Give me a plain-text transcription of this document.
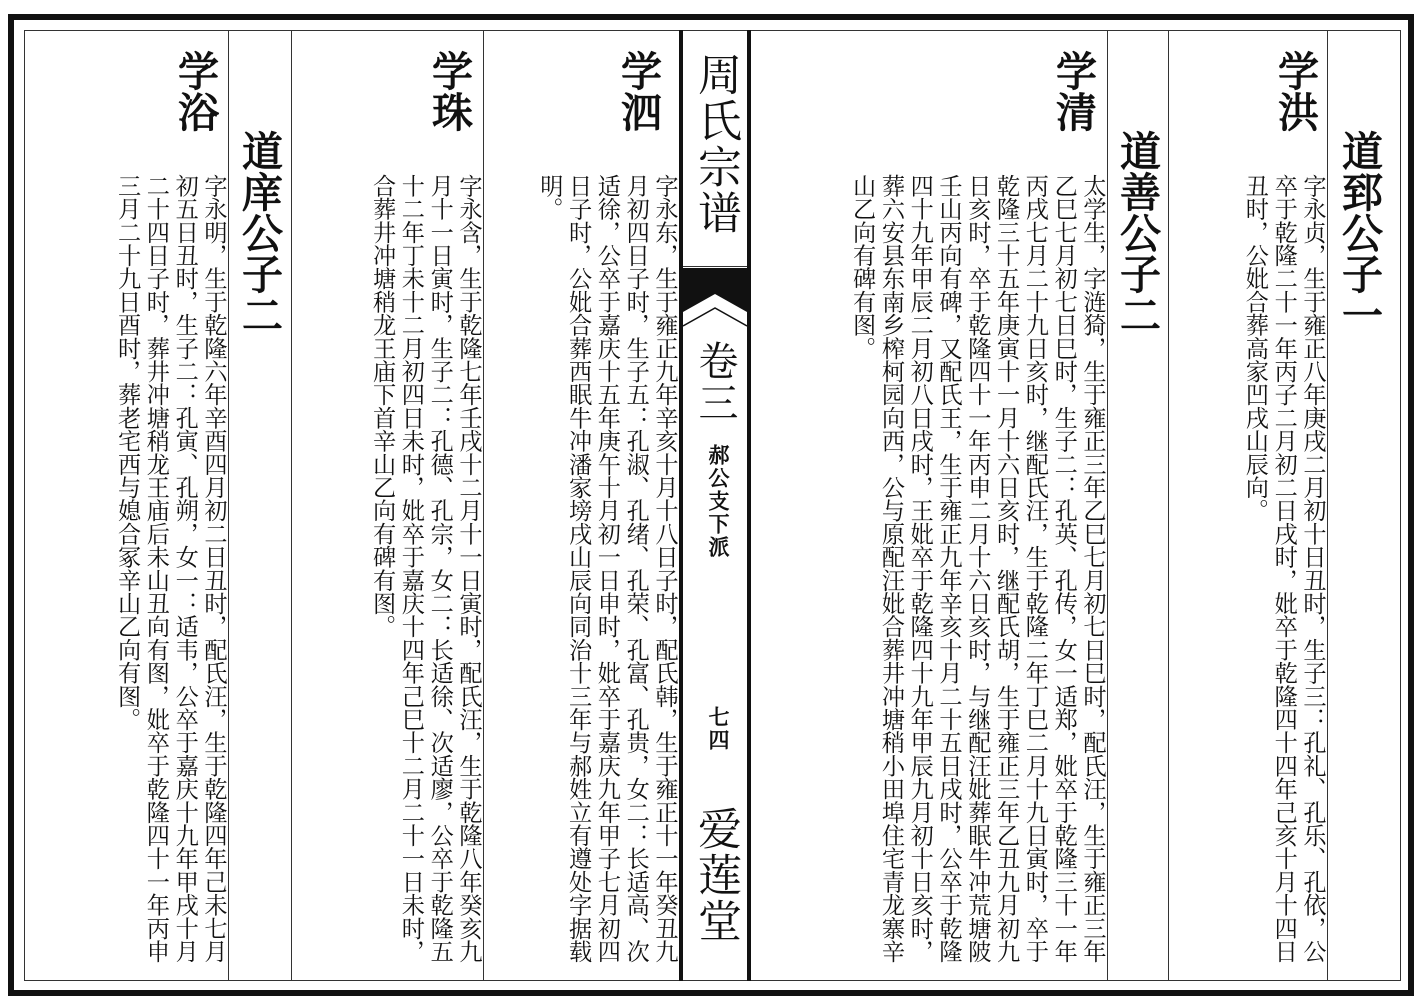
周氏宗谱
卷三
郝公支下派
七四
爱莲堂
道郅公子一
学洪
字永贞，生于雍正八年庚戌二月初十日丑时，生子三：孔礼、孔乐、孔依，公卒于乾隆二十一年丙子二月初二日戌时，妣卒于乾隆四十四年己亥十月十四日丑时，公妣合葬高家凹戌山辰向。
道善公子二
学清
太学生，字涟猗，生于雍正三年乙巳七月初七日巳时，配氏汪，生于雍正三年乙巳七月初七日巳时，生子二：孔英、孔传，女一适郑，妣卒于乾隆三十一年丙戌七月二十九日亥时，继配氏汪，生于乾隆二年丁巳二月十九日寅时，卒于乾隆三十五年庚寅十一月十六日亥时，继配氏胡，生于雍正三年乙丑九月初九日亥时，卒于乾隆四十一年丙申二月十六日亥时，与继配汪妣葬眠牛冲荒塘陂壬山丙向有碑，又配氏王，生于雍正九年辛亥十月二十五日戌时，公卒于乾隆四十九年甲辰二月初八日戌时，王妣卒于乾隆四十九年甲辰九月初十日亥时，葬六安县东南乡榨柯园向西，公与原配汪妣合葬井冲塘稍小田埠住宅青龙寨辛山乙向有碑有图。
学泗
字永东，生于雍正九年辛亥十月十八日子时，配氏韩，生于雍正十一年癸丑九月初四日子时，生子五：孔淑、孔绪、孔荣、孔富、孔贵，女二：长适高、次适徐，公卒于嘉庆十五年庚午十月初一日申时，妣卒于嘉庆九年甲子七月初四日子时，公妣合葬西眠牛冲潘家塝戌山辰向同治十三年与郝姓立有遵处字据载明。
学珠
字永含，生于乾隆七年壬戌十二月十一日寅时，配氏汪，生于乾隆八年癸亥九月十一日寅时，生子二：孔德、孔宗，女二：长适徐、次适廖，公卒于乾隆五十二年丁未十二月初四日未时，妣卒于嘉庆十四年己巳十二月二十一日未时，合葬井冲塘稍龙王庙下首辛山乙向有碑有图。
道庠公子二
学浴
字永明，生于乾隆六年辛酉四月初二日丑时，配氏汪，生于乾隆四年己未七月初五日丑时，生子二：孔寅、孔朔，女一：适韦，公卒于嘉庆十九年甲戌十月二十四日子时，葬井冲塘稍龙王庙后未山丑向有图，妣卒于乾隆四十一年丙申三月二十九日酉时，葬老宅西与媳合冢辛山乙向有图。
